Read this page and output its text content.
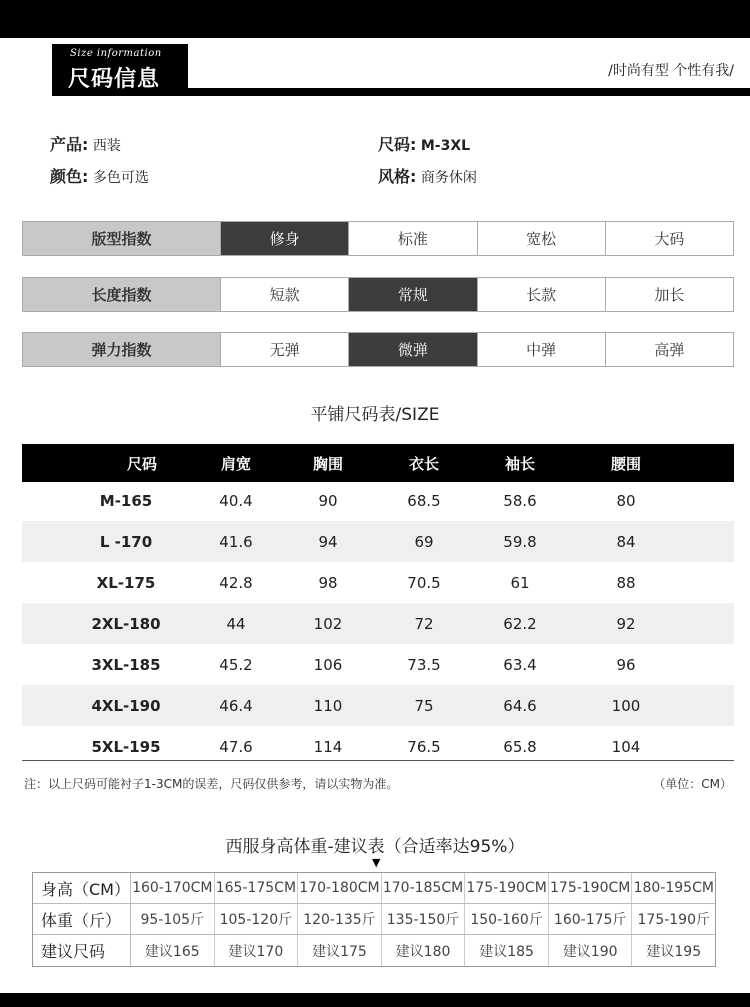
Size information
尺码信息	/时尚有型 个性有我/
产品: 西装	尺码: M-3XL
颜色: 多色可选	风格: 商务休闲
版型指数	修身	标准	宽松	大码
长度指数	短款	常规	长款	加长
弹力指数	无弹	微弹	中弹	高弹
平铺尺码表/SIZE
尺码	肩宽	胸围	衣长	袖长	腰围
M-165	40.4	90	68.5	58.6	80
L -170	41.6	94	69	59.8	84
XL-175	42.8	98	70.5	61	88
2XL-180	44	102	72	62.2	92
3XL-185	45.2	106	73.5	63.4	96
4XL-190	46.4	110	75	64.6	100
5XL-195	47.6	114	76.5	65.8	104
注：以上尺码可能衬子1-3CM的误差，尺码仅供参考，请以实物为准。	（单位：CM）
西服身高体重-建议表（合适率达95%）
▼
身高（CM） 160-170CM 165-175CM 170-180CM 170-185CM 175-190CM 175-190CM 180-195CM
体重（斤）	95-105斤	105-120斤 120-135斤 135-150斤 150-160斤 160-175斤 175-190斤
建议尺码	建议165	建议170	建议175	建议180	建议185	建议190	建议195
